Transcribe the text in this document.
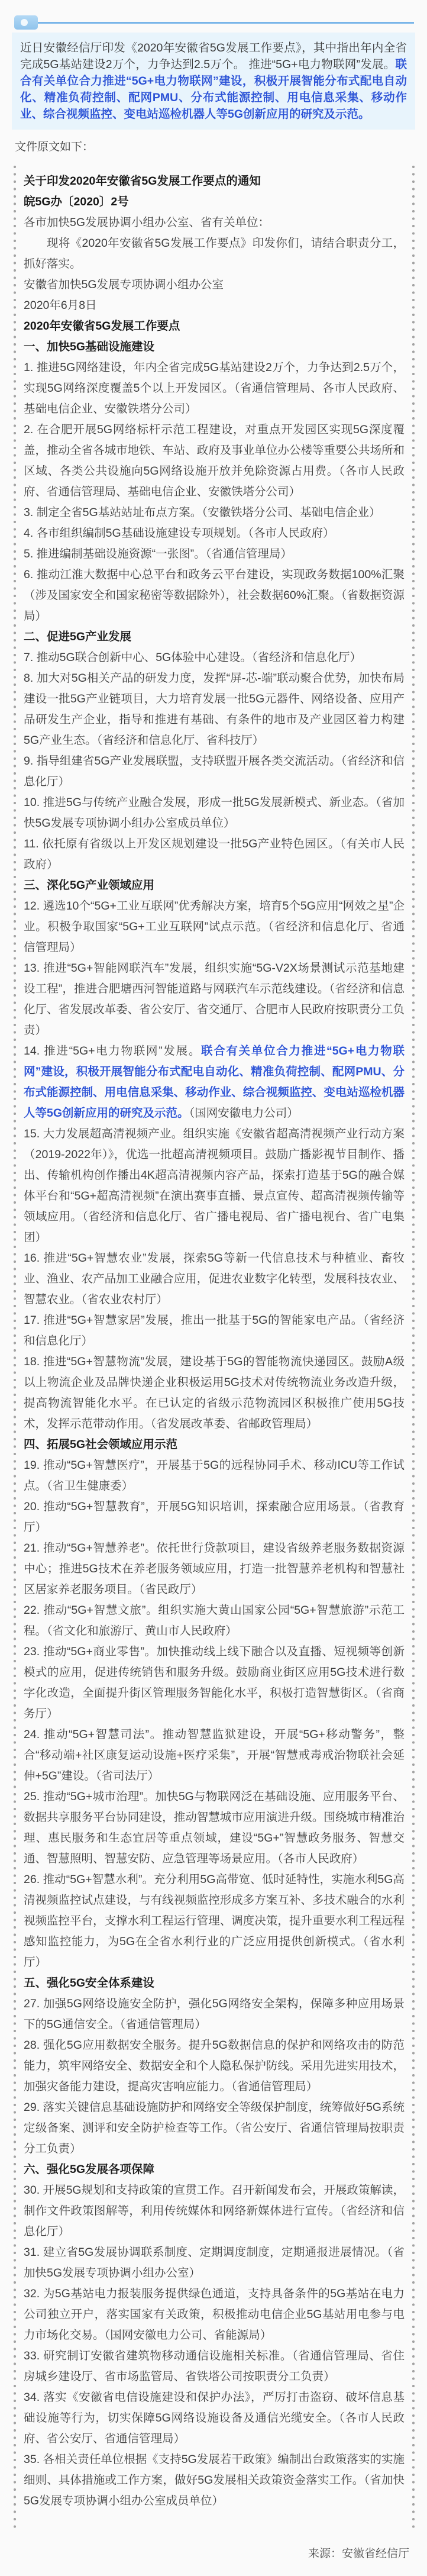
近日安徽经信厅印发《2020年安徽省5G发展工作要点》，其中指出年内全省完成5G基站建设2万个，力争达到2.5万个。 推进“5G+电力物联网”发展。联合有关单位合力推进“5G+电力物联网”建设，积极开展智能分布式配电自动化、精准负荷控制、配网PMU、分布式能源控制、用电信息采集、移动作业、综合视频监控、变电站巡检机器人等5G创新应用的研究及示范。
文件原文如下：

关于印发2020年安徽省5G发展工作要点的通知

皖5G办〔2020〕2号

各市加快5G发展协调小组办公室、省有关单位：

现将《2020年安徽省5G发展工作要点》印发你们，请结合职责分工，抓好落实。

安徽省加快5G发展专项协调小组办公室

2020年6月8日

2020年安徽省5G发展工作要点

一、加快5G基础设施建设

1. 推进5G网络建设，年内全省完成5G基站建设2万个，力争达到2.5万个，实现5G网络深度覆盖5个以上开发园区。（省通信管理局、各市人民政府、基础电信企业、安徽铁塔分公司）

2. 在合肥开展5G网络标杆示范工程建设，对重点开发园区实现5G深度覆盖，推动全省各城市地铁、车站、政府及事业单位办公楼等重要公共场所和区域、各类公共设施向5G网络设施开放并免除资源占用费。（各市人民政府、省通信管理局、基础电信企业、安徽铁塔分公司）

3. 制定全省5G基站站址布点方案。（安徽铁塔分公司、基础电信企业）

4. 各市组织编制5G基础设施建设专项规划。（各市人民政府）

5. 推进编制基础设施资源“一张图”。（省通信管理局）

6. 推动江淮大数据中心总平台和政务云平台建设，实现政务数据100%汇聚（涉及国家安全和国家秘密等数据除外），社会数据60%汇聚。（省数据资源局）

二、促进5G产业发展

7. 推动5G联合创新中心、5G体验中心建设。（省经济和信息化厅）

8. 加大对5G相关产品的研发力度，发挥“屏-芯-端”联动聚合优势，加快布局建设一批5G产业链项目，大力培育发展一批5G元器件、网络设备、应用产品研发生产企业，指导和推进有基础、有条件的地市及产业园区着力构建5G产业生态。（省经济和信息化厅、省科技厅）

9. 指导组建省5G产业发展联盟，支持联盟开展各类交流活动。（省经济和信息化厅）

10. 推进5G与传统产业融合发展，形成一批5G发展新模式、新业态。（省加快5G发展专项协调小组办公室成员单位）

11. 依托原有省级以上开发区规划建设一批5G产业特色园区。（有关市人民政府）

三、深化5G产业领域应用

12. 遴选10个“5G+工业互联网”优秀解决方案，培育5个5G应用“网效之星”企业。积极争取国家“5G+工业互联网”试点示范。（省经济和信息化厅、省通信管理局）

13. 推进“5G+智能网联汽车”发展，组织实施“5G-V2X场景测试示范基地建设工程”，推进合肥塘西河智能道路与网联汽车示范线建设。（省经济和信息化厅、省发展改革委、省公安厅、省交通厅、合肥市人民政府按职责分工负责）

14. 推进“5G+电力物联网”发展。联合有关单位合力推进“5G+电力物联网”建设，积极开展智能分布式配电自动化、精准负荷控制、配网PMU、分布式能源控制、用电信息采集、移动作业、综合视频监控、变电站巡检机器人等5G创新应用的研究及示范。（国网安徽电力公司）

15. 大力发展超高清视频产业。组织实施《安徽省超高清视频产业行动方案（2019-2022年）》，优选一批超高清视频项目。鼓励广播影视节目制作、播出、传输机构创作播出4K超高清视频内容产品，探索打造基于5G的融合媒体平台和“5G+超高清视频”在演出赛事直播、景点宣传、超高清视频传输等领域应用。（省经济和信息化厅、省广播电视局、省广播电视台、省广电集团）

16. 推进“5G+智慧农业”发展，探索5G等新一代信息技术与种植业、畜牧业、渔业、农产品加工业融合应用，促进农业数字化转型，发展科技农业、智慧农业。（省农业农村厅）

17. 推进“5G+智慧家居”发展，推出一批基于5G的智能家电产品。（省经济和信息化厅）

18. 推进“5G+智慧物流”发展，建设基于5G的智能物流快递园区。鼓励A级以上物流企业及品牌快递企业积极运用5G技术对传统物流业务改造升级，提高物流智能化水平。在已认定的省级示范物流园区积极推广使用5G技术，发挥示范带动作用。（省发展改革委、省邮政管理局）

四、拓展5G社会领域应用示范

19. 推动“5G+智慧医疗”，开展基于5G的远程协同手术、移动ICU等工作试点。（省卫生健康委）

20. 推动“5G+智慧教育”，开展5G知识培训，探索融合应用场景。（省教育厅）

21. 推动“5G+智慧养老”。依托世行贷款项目，建设省级养老服务数据资源中心；推进5G技术在养老服务领域应用，打造一批智慧养老机构和智慧社区居家养老服务项目。（省民政厅）

22. 推动“5G+智慧文旅”。组织实施大黄山国家公园“5G+智慧旅游”示范工程。（省文化和旅游厅、黄山市人民政府）

23. 推动“5G+商业零售”。加快推动线上线下融合以及直播、短视频等创新模式的应用，促进传统销售和服务升级。鼓励商业街区应用5G技术进行数字化改造，全面提升街区管理服务智能化水平，积极打造智慧街区。（省商务厅）

24. 推动“5G+智慧司法”。推动智慧监狱建设，开展“5G+移动警务”，整合“移动端+社区康复运动设施+医疗采集”，开展“智慧戒毒戒治物联社会延伸+5G”建设。（省司法厅）

25. 推动“5G+城市治理”。加快5G与物联网泛在基础设施、应用服务平台、数据共享服务平台协同建设，推动智慧城市应用演进升级。围绕城市精准治理、惠民服务和生态宜居等重点领域，建设“5G+”智慧政务服务、智慧交通、智慧照明、智慧安防、应急管理等场景应用。（各市人民政府）

26. 推动“5G+智慧水利”。充分利用5G高带宽、低时延特性，实施水利5G高清视频监控试点建设，与有线视频监控形成多方案互补、多技术融合的水利视频监控平台，支撑水利工程运行管理、调度决策，提升重要水利工程远程感知监控能力，为5G在全省水利行业的广泛应用提供创新模式。（省水利厅）

五、强化5G安全体系建设

27. 加强5G网络设施安全防护，强化5G网络安全架构，保障多种应用场景下的5G通信安全。（省通信管理局）

28. 强化5G应用数据安全服务。提升5G数据信息的保护和网络攻击的防范能力，筑牢网络安全、数据安全和个人隐私保护防线。采用先进实用技术，加强灾备能力建设，提高灾害响应能力。（省通信管理局）

29. 落实关键信息基础设施防护和网络安全等级保护制度，统筹做好5G系统定级备案、测评和安全防护检查等工作。（省公安厅、省通信管理局按职责分工负责）

六、强化5G发展各项保障

30. 开展5G规划和支持政策的宣贯工作。召开新闻发布会，开展政策解读，制作文件政策图解等，利用传统媒体和网络新媒体进行宣传。（省经济和信息化厅）

31. 建立省5G发展协调联系制度、定期调度制度，定期通报进展情况。（省加快5G发展专项协调小组办公室）

32. 为5G基站电力报装服务提供绿色通道，支持具备条件的5G基站在电力公司独立开户，落实国家有关政策，积极推动电信企业5G基站用电参与电力市场化交易。（国网安徽电力公司、省能源局）

33. 研究制订安徽省建筑物移动通信设施相关标准。（省通信管理局、省住房城乡建设厅、省市场监管局、省铁塔公司按职责分工负责）

34. 落实《安徽省电信设施建设和保护办法》，严厉打击盗窃、破坏信息基础设施等行为，切实保障5G网络设施设备及通信光缆安全。（各市人民政府、省公安厅、省通信管理局）

35. 各相关责任单位根据《支持5G发展若干政策》编制出台政策落实的实施细则、具体措施或工作方案，做好5G发展相关政策资金落实工作。（省加快5G发展专项协调小组办公室成员单位）

来源：安徽省经信厅
